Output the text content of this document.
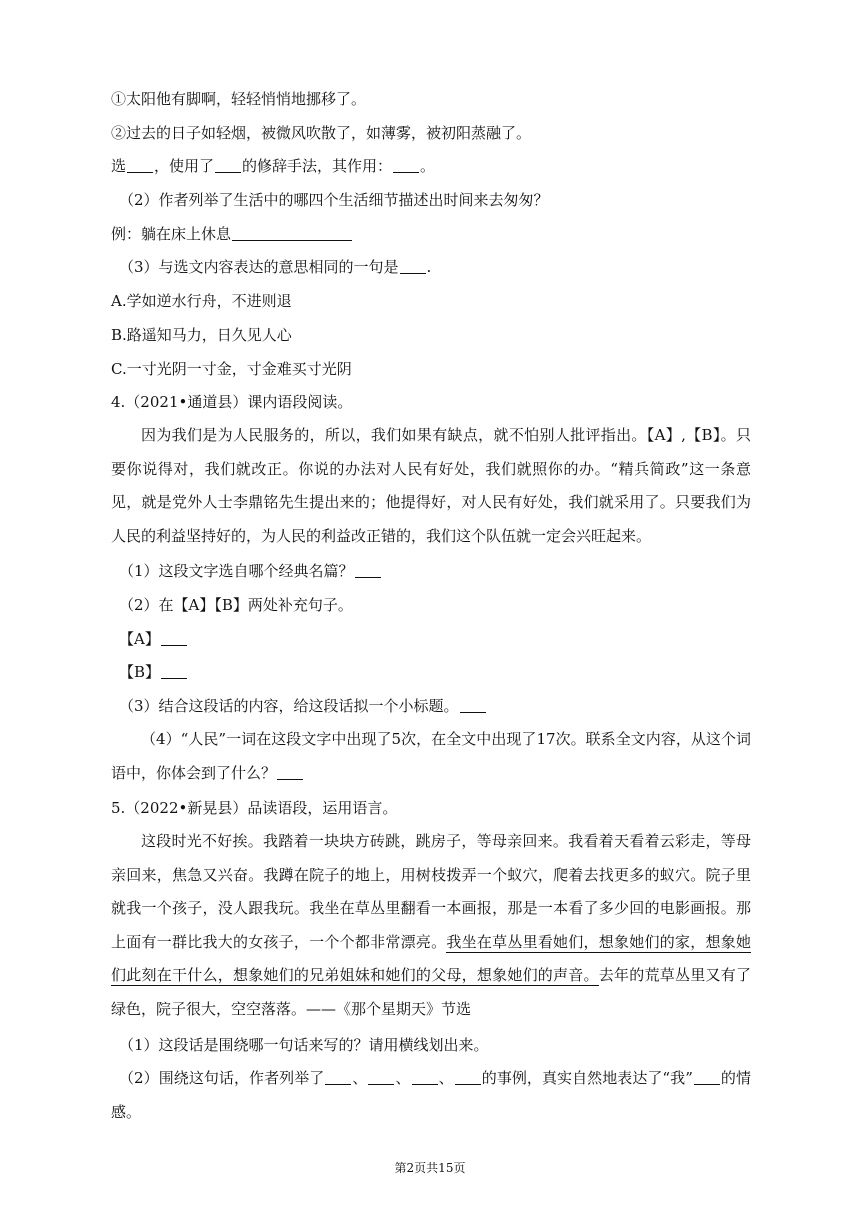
①太阳他有脚啊，轻轻悄悄地挪移了。
②过去的日子如轻烟，被微风吹散了，如薄雾，被初阳蒸融了。
选 ，使用了 的修辞手法，其作用： 。
（2）作者列举了生活中的哪四个生活细节描述出时间来去匆匆？
例：躺在床上休息
（3）与选文内容表达的意思相同的一句是 .
A.学如逆水行舟，不进则退
B.路遥知马力，日久见人心
C.一寸光阴一寸金，寸金难买寸光阴
4.（2021•通道县）课内语段阅读。
因为我们是为人民服务的，所以，我们如果有缺点，就不怕别人批评指出。【A】,【B】。只要你说得对，我们就改正。你说的办法对人民有好处，我们就照你的办。“精兵简政”这一条意见，就是党外人士李鼎铭先生提出来的；他提得好，对人民有好处，我们就采用了。只要我们为人民的利益坚持好的，为人民的利益改正错的，我们这个队伍就一定会兴旺起来。
（1）这段文字选自哪个经典名篇？
（2）在【A】【B】两处补充句子。
【A】
【B】
（3）结合这段话的内容，给这段话拟一个小标题。
（4）“人民”一词在这段文字中出现了5次，在全文中出现了17次。联系全文内容，从这个词语中，你体会到了什么？
5.（2022•新晃县）品读语段，运用语言。
这段时光不好挨。我踏着一块块方砖跳，跳房子，等母亲回来。我看着天看着云彩走，等母亲回来，焦急又兴奋。我蹲在院子的地上，用树枝拨弄一个蚁穴，爬着去找更多的蚁穴。院子里就我一个孩子，没人跟我玩。我坐在草丛里翻看一本画报，那是一本看了多少回的电影画报。那上面有一群比我大的女孩子，一个个都非常漂亮。我坐在草丛里看她们，想象她们的家，想象她们此刻在干什么，想象她们的兄弟姐妹和她们的父母，想象她们的声音。去年的荒草丛里又有了绿色，院子很大，空空落落。——《那个星期天》节选
（1）这段话是围绕哪一句话来写的？请用横线划出来。
（2）围绕这句话，作者列举了 、 、 、 的事例，真实自然地表达了“我” 的情感。
第2页共15页
